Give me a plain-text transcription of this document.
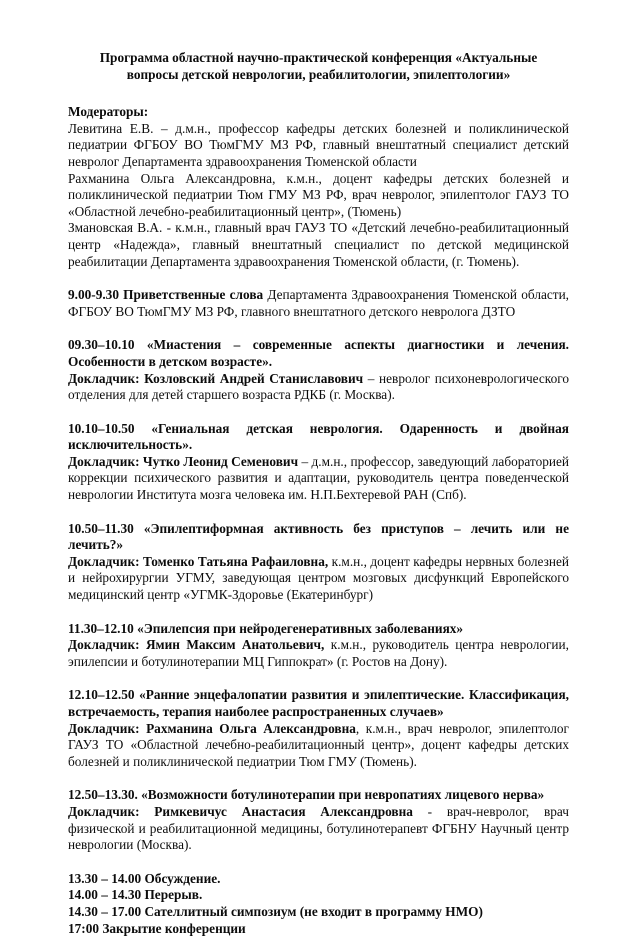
Программа областной научно-практической конференция «Актуальные вопросы детской неврологии, реабилитологии, эпилептологии»

Модераторы:

Левитина Е.В. – д.м.н., профессор кафедры детских болезней и поликлинической педиатрии ФГБОУ ВО ТюмГМУ МЗ РФ, главный внештатный специалист детский невролог Департамента здравоохранения Тюменской области

Рахманина Ольга Александровна, к.м.н., доцент кафедры детских болезней и поликлинической педиатрии Тюм ГМУ МЗ РФ, врач невролог, эпилептолог ГАУЗ ТО «Областной лечебно-реабилитационный центр», (Тюмень)

Змановская В.А. - к.м.н., главный врач ГАУЗ ТО «Детский лечебно-реабилитационный центр «Надежда», главный внештатный специалист по детской медицинской реабилитации Департамента здравоохранения Тюменской области, (г. Тюмень).

9.00-9.30 Приветственные слова Департамента Здравоохранения Тюменской области, ФГБОУ ВО ТюмГМУ МЗ РФ, главного внештатного детского невролога ДЗТО

09.30–10.10 «Миастения – современные аспекты диагностики и лечения. Особенности в детском возрасте».

Докладчик: Козловский Андрей Станиславович – невролог психоневрологического отделения для детей старшего возраста РДКБ (г. Москва).

10.10–10.50 «Гениальная детская неврология. Одаренность и двойная исключительность».

Докладчик: Чутко Леонид Семенович – д.м.н., профессор, заведующий лабораторией коррекции психического развития и адаптации, руководитель центра поведенческой неврологии Института мозга человека им. Н.П.Бехтеревой РАН (Спб).

10.50–11.30 «Эпилептиформная активность без приступов – лечить или не лечить?»

Докладчик: Томенко Татьяна Рафаиловна, к.м.н., доцент кафедры нервных болезней и нейрохирургии УГМУ, заведующая центром мозговых дисфункций Европейского медицинский центр «УГМК-Здоровье (Екатеринбург)

11.30–12.10 «Эпилепсия при нейродегенеративных заболеваниях»

Докладчик: Ямин Максим Анатольевич, к.м.н., руководитель центра неврологии, эпилепсии и ботулинотерапии МЦ Гиппократ» (г. Ростов на Дону).

12.10–12.50 «Ранние энцефалопатии развития и эпилептические. Классификация, встречаемость, терапия наиболее распространенных случаев»

Докладчик: Рахманина Ольга Александровна, к.м.н., врач невролог, эпилептолог ГАУЗ ТО «Областной лечебно-реабилитационный центр», доцент кафедры детских болезней и поликлинической педиатрии Тюм ГМУ (Тюмень).

12.50–13.30. «Возможности ботулинотерапии при невропатиях лицевого нерва»

Докладчик: Римкевичус Анастасия Александровна - врач-невролог, врач физической и реабилитационной медицины, ботулинотерапевт ФГБНУ Научный центр неврологии (Москва).

13.30 – 14.00 Обсуждение.

14.00 – 14.30 Перерыв.

14.30 – 17.00 Сателлитный симпозиум (не входит в программу НМО)

17:00 Закрытие конференции
